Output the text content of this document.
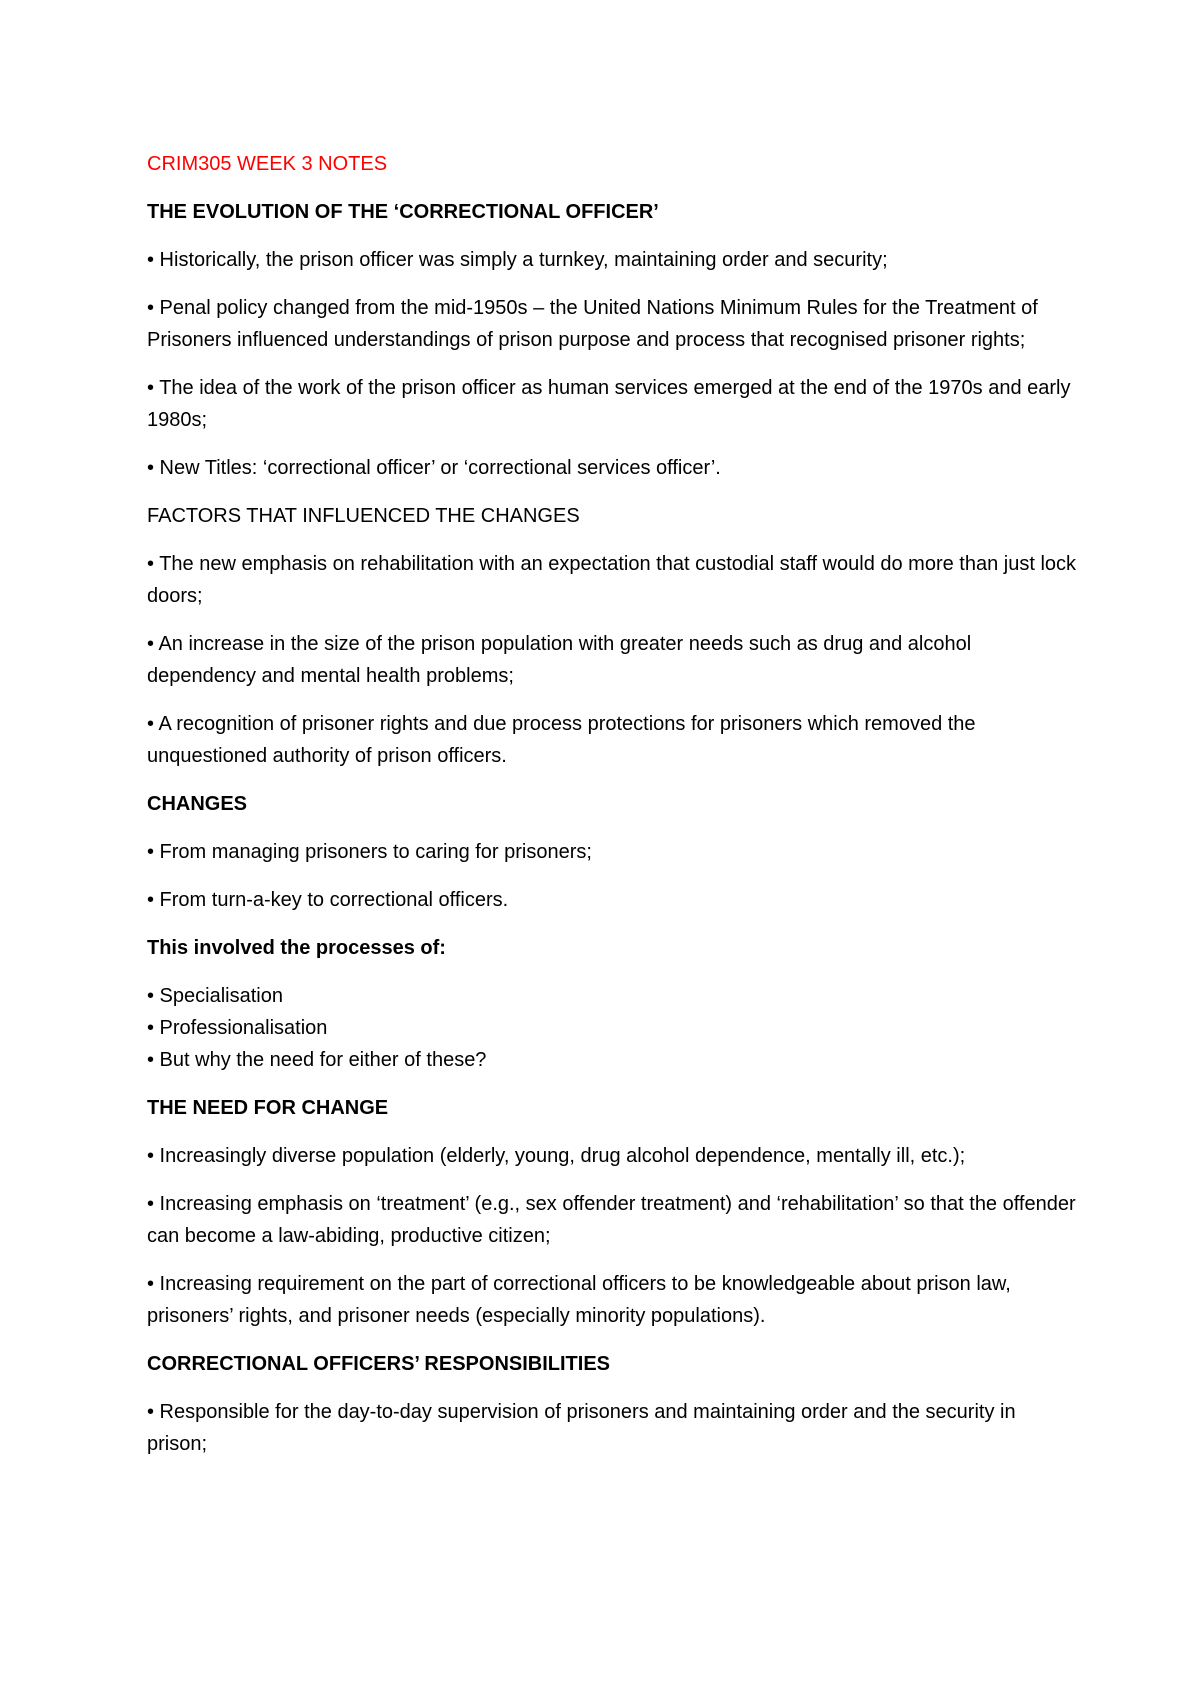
CRIM305 WEEK 3 NOTES
THE EVOLUTION OF THE ‘CORRECTIONAL OFFICER’
• Historically, the prison officer was simply a turnkey, maintaining order and security;
• Penal policy changed from the mid-1950s – the United Nations Minimum Rules for the Treatment of Prisoners influenced understandings of prison purpose and process that recognised prisoner rights;
• The idea of the work of the prison officer as human services emerged at the end of the 1970s and early 1980s;
• New Titles: ‘correctional officer’ or ‘correctional services officer’.
FACTORS THAT INFLUENCED THE CHANGES
• The new emphasis on rehabilitation with an expectation that custodial staff would do more than just lock doors;
• An increase in the size of the prison population with greater needs such as drug and alcohol dependency and mental health problems;
• A recognition of prisoner rights and due process protections for prisoners which removed the unquestioned authority of prison officers.
CHANGES
• From managing prisoners to caring for prisoners;
• From turn-a-key to correctional officers.
This involved the processes of:
• Specialisation
• Professionalisation
• But why the need for either of these?
THE NEED FOR CHANGE
• Increasingly diverse population (elderly, young, drug alcohol dependence, mentally ill, etc.);
• Increasing emphasis on ‘treatment’ (e.g., sex offender treatment) and ‘rehabilitation’ so that the offender can become a law-abiding, productive citizen;
• Increasing requirement on the part of correctional officers to be knowledgeable about prison law, prisoners’ rights, and prisoner needs (especially minority populations).
CORRECTIONAL OFFICERS’ RESPONSIBILITIES
• Responsible for the day-to-day supervision of prisoners and maintaining order and the security in prison;
